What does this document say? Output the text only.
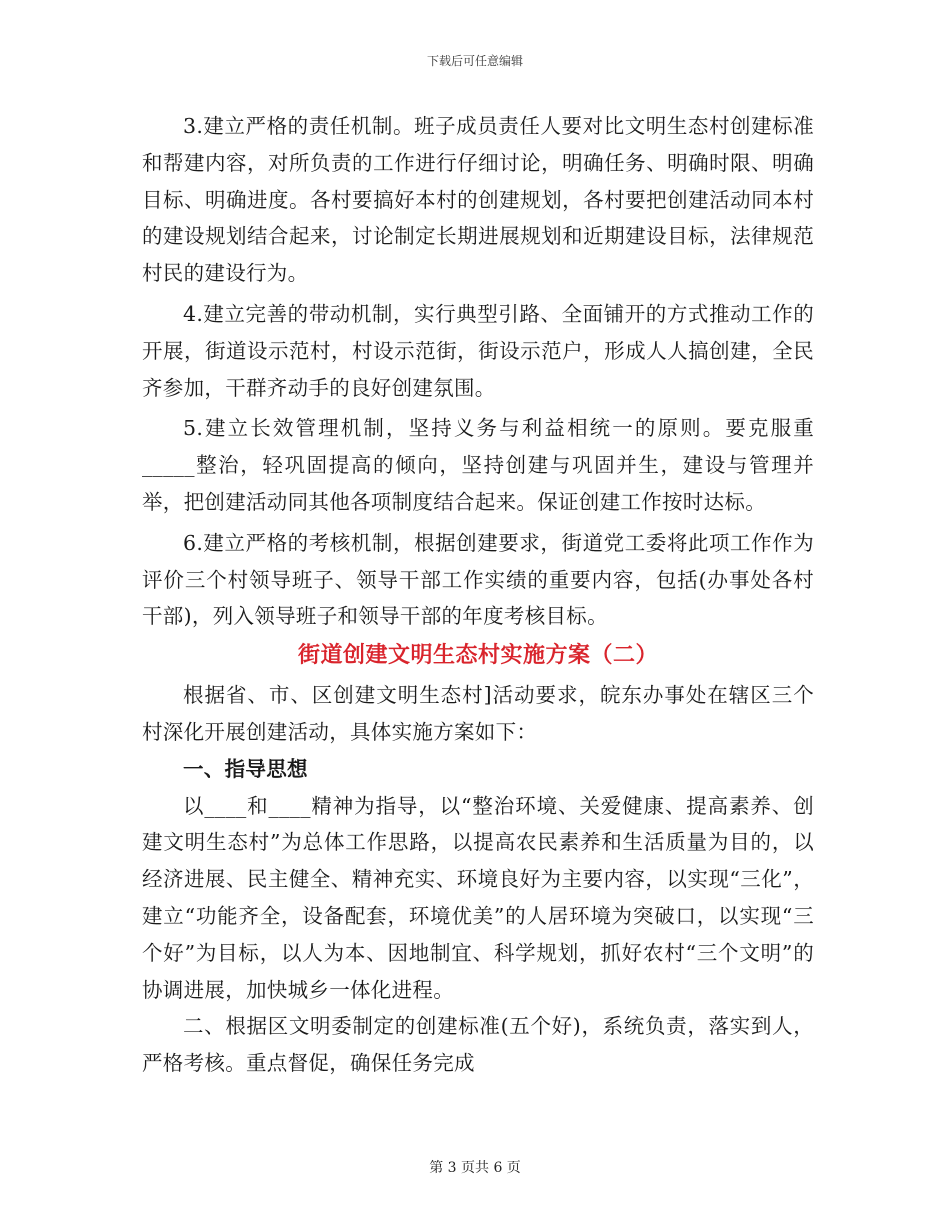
下载后可任意编辑

3.建立严格的责任机制。班子成员责任人要对比文明生态村创建标准和帮建内容，对所负责的工作进行仔细讨论，明确任务、明确时限、明确目标、明确进度。各村要搞好本村的创建规划，各村要把创建活动同本村的建设规划结合起来，讨论制定长期进展规划和近期建设目标，法律规范村民的建设行为。

4.建立完善的带动机制，实行典型引路、全面铺开的方式推动工作的开展，街道设示范村，村设示范街，街设示范户，形成人人搞创建，全民齐参加，干群齐动手的良好创建氛围。

5.建立长效管理机制，坚持义务与利益相统一的原则。要克服重_____整治，轻巩固提高的倾向，坚持创建与巩固并生，建设与管理并举，把创建活动同其他各项制度结合起来。保证创建工作按时达标。

6.建立严格的考核机制，根据创建要求，街道党工委将此项工作作为评价三个村领导班子、领导干部工作实绩的重要内容，包括(办事处各村干部)，列入领导班子和领导干部的年度考核目标。

街道创建文明生态村实施方案（二）

根据省、市、区创建文明生态村]活动要求，皖东办事处在辖区三个村深化开展创建活动，具体实施方案如下：

一、指导思想

以____和____精神为指导，以“整治环境、关爱健康、提高素养、创建文明生态村”为总体工作思路，以提高农民素养和生活质量为目的，以经济进展、民主健全、精神充实、环境良好为主要内容，以实现“三化”，建立“功能齐全，设备配套，环境优美”的人居环境为突破口，以实现“三个好”为目标，以人为本、因地制宜、科学规划，抓好农村“三个文明”的协调进展，加快城乡一体化进程。

二、根据区文明委制定的创建标准(五个好)，系统负责，落实到人，严格考核。重点督促，确保任务完成

第 3 页共 6 页
